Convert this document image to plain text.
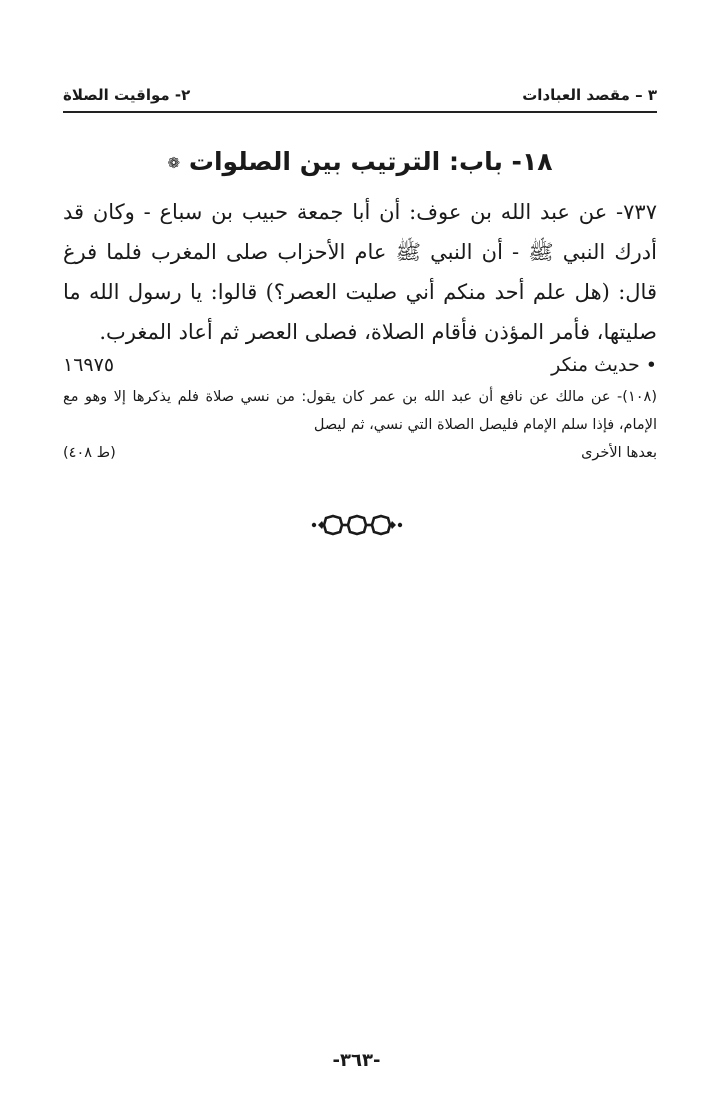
٣ – مقصد العبادات
٢- مواقيت الصلاة
١٨- باب: الترتيب بين الصلوات ❁
٧٣٧- عن عبد الله بن عوف: أن أبا جمعة حبيب بن سباع - وكان قد أدرك النبي ﷺ - أن النبي ﷺ عام الأحزاب صلى المغرب فلما فرغ قال: (هل علم أحد منكم أني صليت العصر؟) قالوا: يا رسول الله ما صليتها، فأمر المؤذن فأقام الصلاة، فصلى العصر ثم أعاد المغرب.
• حديث منكر
١٦٩٧٥
(١٠٨)- عن مالك عن نافع أن عبد الله بن عمر كان يقول: من نسي صلاة فلم يذكرها إلا وهو مع الإمام، فإذا سلم الإمام فليصل الصلاة التي نسي، ثم ليصل
بعدها الأخرى
(ط ٤٠٨)
-٣٦٣-
